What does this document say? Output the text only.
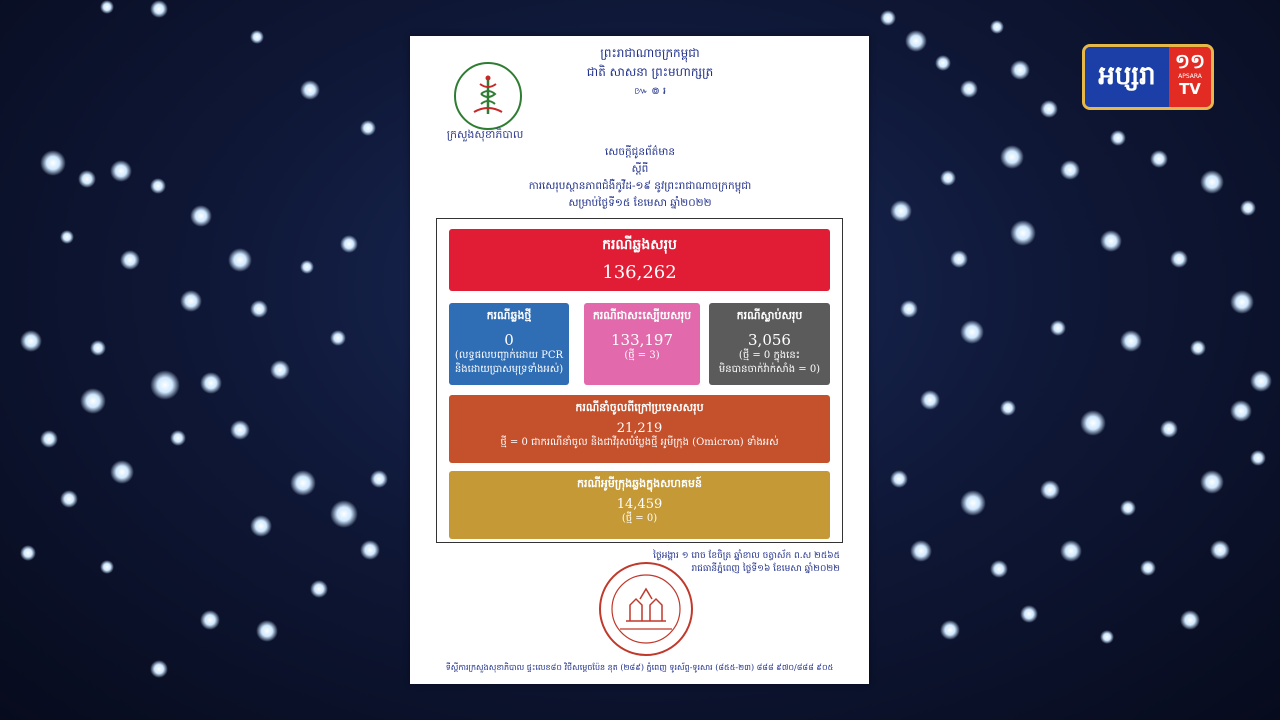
អប្សរា ១១
APSARA
TV
ក្រសួងសុខាភិបាល
ព្រះរាជាណាចក្រកម្ពុជា
ជាតិ សាសនា ព្រះមហាក្សត្រ
៚ ៙ ៛
សេចក្តីជូនព័ត៌មាន
ស្តីពី
ការសេរុបស្ថានភាពជំងឺកូវីដ-១៩ នូវព្រះរាជាណាចក្រកម្ពុជា
សម្រាប់ថ្ងៃទី១៥ ខែមេសា ឆ្នាំ២០២២
ករណីឆ្លងសរុប
136,262
ករណីឆ្លងថ្មី
0
(លទ្ធផលបញ្ជាក់ដោយ PCR
និងដោយប្រាសមុទ្រទាំងអស់)
ករណីជាសះស្បើយសរុប
133,197
(ថ្មី = 3)
ករណីស្លាប់សរុប
3,056
(ថ្មី = 0 ក្នុងនេះ
មិនបានចាក់វ៉ាក់សាំង = 0)
ករណីនាំចូលពីក្រៅប្រទេសសរុប
21,219
ថ្មី = 0 ជាករណីនាំចូល និងជាវីរុសបំប្លែងថ្មី អូមីក្រុង (Omicron) ទាំងអស់
ករណីអូមីក្រុងឆ្លងក្នុងសហគមន៍
14,459
(ថ្មី = 0)
ថ្ងៃអង្គារ ១ រោច ខែចិត្រ ឆ្នាំខាល ចត្វាស័ក ព.ស ២៥៦៥
រាជធានីភ្នំពេញ ថ្ងៃទី១៦ ខែមេសា ឆ្នាំ២០២២
ទីស្តីការក្រសួងសុខាភិបាល ផ្ទះលេខ៨០ វិថីសម្តេចប៉ែន នុត (២៨៩) ភ្នំពេញ ទូរស័ព្ទ-ទូរសារ (៨៥៥-២៣) ៨៨៨ ៩៧០/៨៨៨ ៩០៥
